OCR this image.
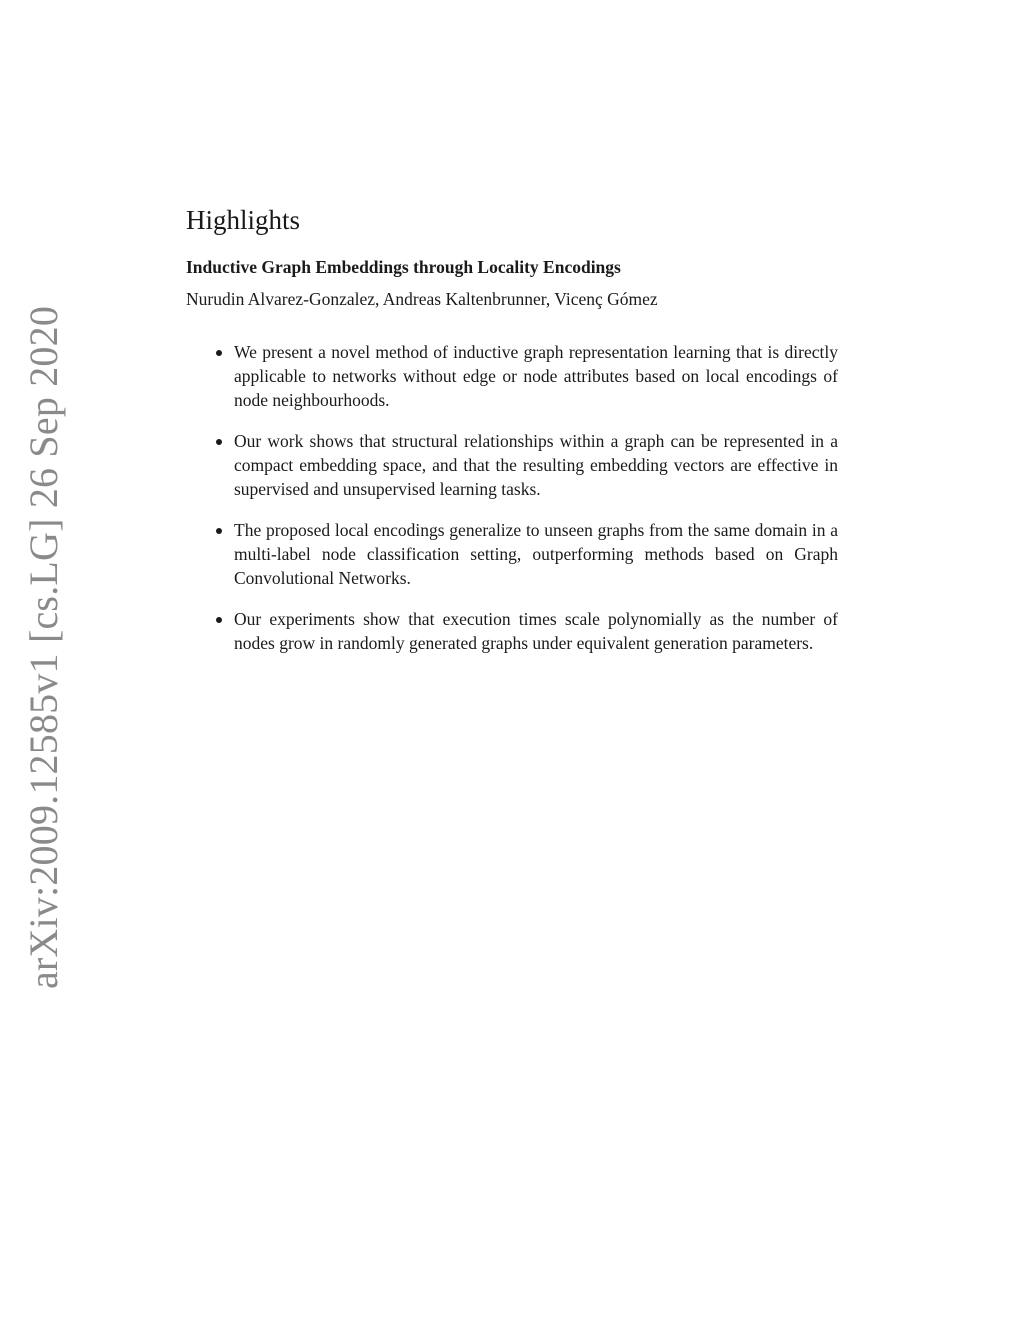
arXiv:2009.12585v1 [cs.LG] 26 Sep 2020
Highlights
Inductive Graph Embeddings through Locality Encodings
Nurudin Alvarez-Gonzalez, Andreas Kaltenbrunner, Vicenç Gómez
We present a novel method of inductive graph representation learning that is directly applicable to networks without edge or node attributes based on local encodings of node neighbourhoods.
Our work shows that structural relationships within a graph can be represented in a compact embedding space, and that the resulting embedding vectors are effective in supervised and unsupervised learning tasks.
The proposed local encodings generalize to unseen graphs from the same domain in a multi-label node classification setting, outperforming methods based on Graph Convolutional Networks.
Our experiments show that execution times scale polynomially as the number of nodes grow in randomly generated graphs under equivalent generation parameters.
